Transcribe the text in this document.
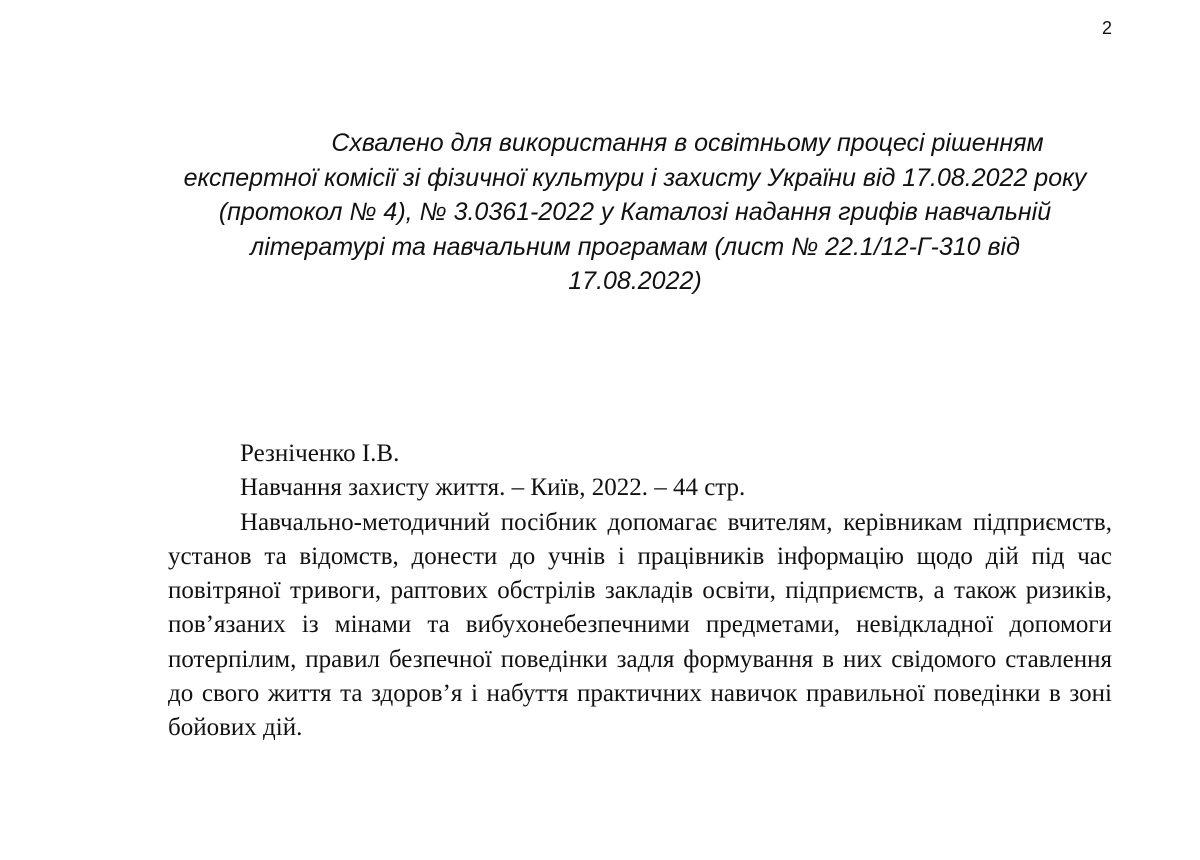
2
Схвалено для використання в освітньому процесі рішенням
експертної комісії зі фізичної культури і захисту України від 17.08.2022 року
(протокол № 4), № 3.0361-2022 у Каталозі надання грифів навчальній
літературі та навчальним програмам (лист № 22.1/12-Г-310 від
17.08.2022)
Резніченко І.В.
Навчання захисту життя. – Київ, 2022. – 44 стр.

Навчально-методичний посібник допомагає вчителям, керівникам підприємств, установ та відомств, донести до учнів і працівників інформацію щодо дій під час повітряної тривоги, раптових обстрілів закладів освіти, підприємств, а також ризиків, пов’язаних із мінами та вибухонебезпечними предметами, невідкладної допомоги потерпілим, правил безпечної поведінки задля формування в них свідомого ставлення до свого життя та здоров’я і набуття практичних навичок правильної поведінки в зоні бойових дій.
